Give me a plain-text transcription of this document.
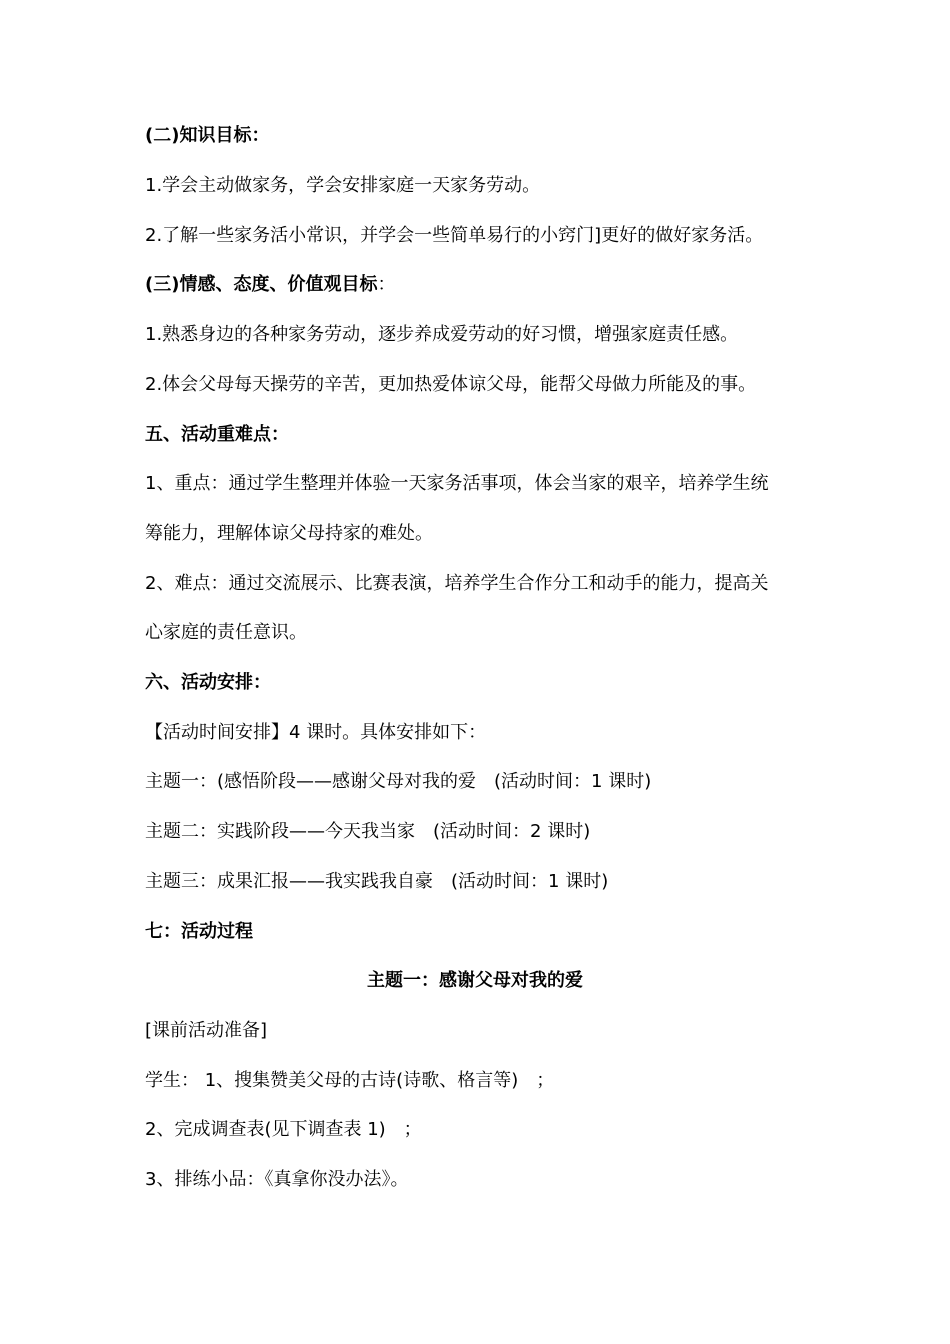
(二)知识目标：
1.学会主动做家务，学会安排家庭一天家务劳动。
2.了解一些家务活小常识，并学会一些简单易行的小窍门]更好的做好家务活。
(三)情感、态度、价值观目标：
1.熟悉身边的各种家务劳动，逐步养成爱劳动的好习惯，增强家庭责任感。
2.体会父母每天操劳的辛苦，更加热爱体谅父母，能帮父母做力所能及的事。
五、活动重难点：
1、重点：通过学生整理并体验一天家务活事项，体会当家的艰辛，培养学生统
筹能力，理解体谅父母持家的难处。
2、难点：通过交流展示、比赛表演，培养学生合作分工和动手的能力，提高关
心家庭的责任意识。
六、活动安排：
【活动时间安排】4 课时。具体安排如下：
主题一：(感悟阶段——感谢父母对我的爱　(活动时间：1 课时)
主题二：实践阶段——今天我当家　(活动时间：2 课时)
主题三：成果汇报——我实践我自豪　(活动时间：1 课时)
七：活动过程
主题一：感谢父母对我的爱
[课前活动准备]
学生： 1、搜集赞美父母的古诗(诗歌、格言等)　；
2、完成调查表(见下调查表 1)　；
3、排练小品：《真拿你没办法》。
